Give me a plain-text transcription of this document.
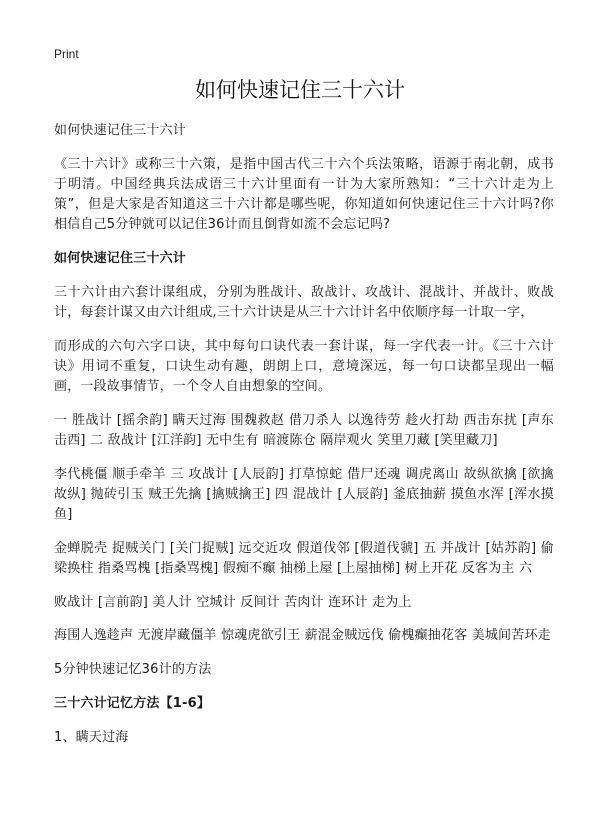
Print
如何快速记住三十六计

如何快速记住三十六计

《三十六计》或称三十六策，是指中国古代三十六个兵法策略，语源于南北朝，成书于明清。中国经典兵法成语三十六计里面有一计为大家所熟知：“三十六计走为上策”，但是大家是否知道这三十六计都是哪些呢，你知道如何快速记住三十六计吗?你相信自己5分钟就可以记住36计而且倒背如流不会忘记吗?

如何快速记住三十六计

三十六计由六套计谋组成，分别为胜战计、敌战计、攻战计、混战计、并战计、败战计，每套计谋又由六计组成,三十六计诀是从三十六计计名中依顺序每一计取一字，

而形成的六句六字口诀，其中每句口诀代表一套计谋，每一字代表一计。《三十六计诀》用词不重复，口诀生动有趣，朗朗上口，意境深远，每一句口诀都呈现出一幅画，一段故事情节，一个令人自由想象的空间。

一 胜战计 [摇余韵] 瞒天过海 围魏救赵 借刀杀人 以逸待劳 趁火打劫 西击东扰 [声东击西] 二 敌战计 [江洋韵] 无中生有 暗渡陈仓 隔岸观火 笑里刀藏 [笑里藏刀]

李代桃僵 顺手牵羊 三 攻战计 [人辰韵] 打草惊蛇 借尸还魂 调虎离山 故纵欲擒 [欲擒故纵] 抛砖引玉 贼王先擒 [擒贼擒王] 四 混战计 [人辰韵] 釜底抽薪 摸鱼水浑 [浑水摸鱼]

金蝉脱壳 捉贼关门 [关门捉贼] 远交近攻 假道伐邻 [假道伐虢] 五 并战计 [姑苏韵] 偷梁换柱 指桑骂槐 [指桑骂槐] 假痴不癫 抽梯上屋 [上屋抽梯] 树上开花 反客为主 六

败战计 [言前韵] 美人计 空城计 反间计 苦肉计 连环计 走为上

海围人逸趁声 无渡岸藏僵羊 惊魂虎欲引王 薪混金贼远伐 偷槐癫抽花客 美城间苦环走

5分钟快速记忆36计的方法

三十六计记忆方法【1-6】

1、瞒天过海
